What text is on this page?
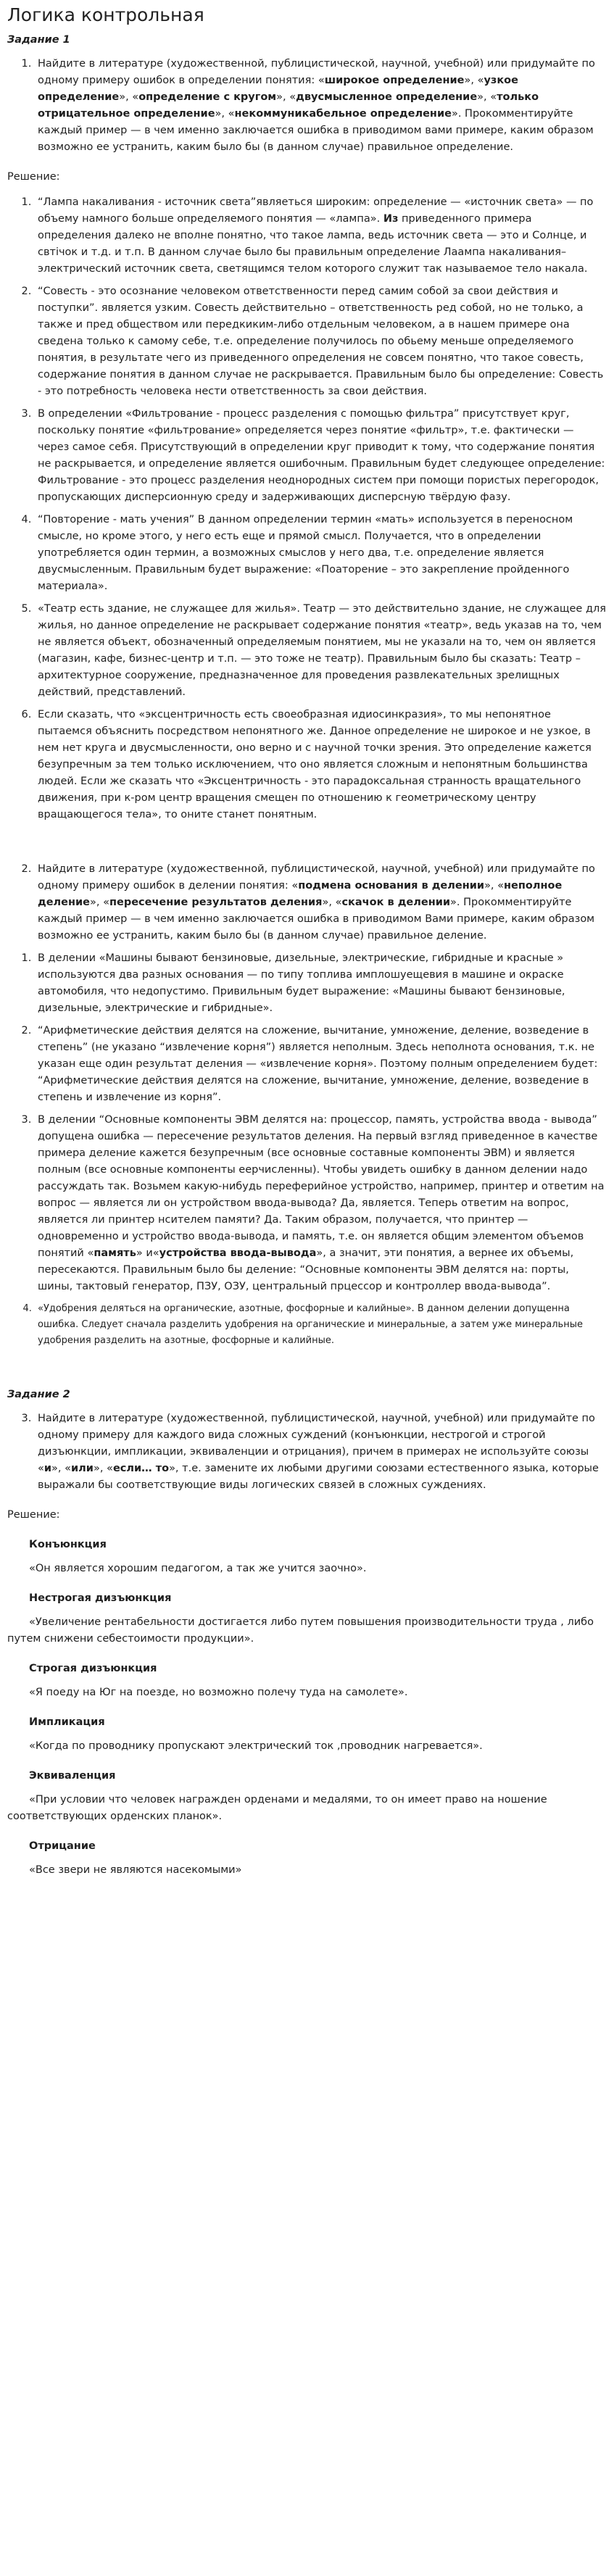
Логика контрольная
Задание 1
1. Найдите в литературе (художественной, публицистической, научной, учебной) или придумайте по одному примеру ошибок в определении понятия: «широкое определение», «узкое определение», «определение с кругом», «двусмысленное определение», «только отрицательное определение», «некоммуникабельное определение». Прокомментируйте каждый пример — в чем именно заключается ошибка в приводимом вами примере, каким образом возможно ее устранить, каким было бы (в данном случае) правильное определение.

Решение:

1. “Лампа накаливания - источник света”являеться широким: определение — «источник света» — по объему намного больше определяемого понятия — «лампа». Из приведенного примера определения далеко не вполне понятно, что такое лампа, ведь источник света — это и Солнце, и свтічок и т.д. и т.п. В данном случае было бы правильным определение Лаампа накаливания–электрический источник света, светящимся телом которого служит так называемое тело накала.
2. “Совесть - это осознание человеком ответственности перед самим собой за свои действия и поступки”. является узким. Совесть действительно – ответственность ред собой, но не только, а также и пред обществом или передкиким-либо отдельным человеком, а в нашем примере она сведена только к самому себе, т.е. определение получилось по обьему меньше определяемого понятия, в результате чего из приведенного определения не совсем понятно, что такое совесть, содержание понятия в данном случае не раскрывается. Правильным было бы определение: Совесть - это потребность человека нести ответственность за свои действия.
3. В определении «Фильтрование - процесс разделения с помощью фильтра” присутствует круг, поскольку понятие «фильтрование» определяется через понятие «фильтр», т.е. фактически — через самое себя. Присутствующий в определении круг приводит к тому, что содержание понятия не раскрывается, и определение является ошибочным. Правильным будет следующее определение: Фильтрование - это процесс разделения неоднородных систем при помощи пористых перегородок, пропускающих дисперсионную среду и задерживающих дисперсную твёрдую фазу.
4. “Повторение - мать учения” В данном определении термин «мать» используется в переносном смысле, но кроме этого, у него есть еще и прямой смысл. Получается, что в определении употребляется один термин, а возможных смыслов у него два, т.е. определение является двусмысленным. Правильным будет выражение: «Поаторение – это закрепление пройденного материала».
5. «Театр есть здание, не служащее для жилья». Театр — это действительно здание, не служащее для жилья, но данное определение не раскрывает содержание понятия «театр», ведь указав на то, чем не является объект, обозначенный определяемым понятием, мы не указали на то, чем он является (магазин, кафе, бизнес-центр и т.п. — это тоже не театр). Правильным было бы сказать: Театр – архитектурное сооружение, предназначенное для проведения развлекательных зрелищных действий, представлений.
6. Если сказать, что «эксцентричность есть своеобразная идиосинкразия», то мы непонятное пытаемся объяснить посредством непонятного же. Данное определение не широкое и не узкое, в нем нет круга и двусмысленности, оно верно и с научной точки зрения. Это определение кажется безупречным за тем только исключением, что оно является сложным и непонятным большинства людей. Если же сказать что «Эксцентричность - это парадоксальная странность вращательного движения, при к-ром центр вращения смещен по отношению к геометрическому центру вращающегося тела», то оните станет понятным.
2. Найдите в литературе (художественной, публицистической, научной, учебной) или придумайте по одному примеру ошибок в делении понятия: «подмена основания в делении», «неполное деление», «пересечение результатов деления», «скачок в делении». Прокомментируйте каждый пример — в чем именно заключается ошибка в приводимом Вами примере, каким образом возможно ее устранить, каким было бы (в данном случае) правильное деление.
1. В делении «Машины бывают бензиновые, дизельные, электрические, гибридные и красные » используются два разных основания — по типу топлива имплошуещевия в машине и окраске автомобиля, что недопустимо. Привильным будет выражение: «Машины бывают бензиновые, дизельные, электрические и гибридные».
2. “Арифметические действия делятся на сложение, вычитание, умножение, деление, возведение в степень” (не указано “извлечение корня”) является неполным. Здесь неполнота основания, т.к. не указан еще один результат деления — «извлечение корня». Поэтому полным определением будет: “Арифметические действия делятся на сложение, вычитание, умножение, деление, возведение в степень и извлечение из корня”.
3. В делении “Основные компоненты ЭВМ делятся на: процессор, память, устройства ввода - вывода” допущена ошибка — пересечение результатов деления. На первый взгляд приведенное в качестве примера деление кажется безупречным (все основные составные компоненты ЭВМ) и является полным (все основные компоненты еерчисленны). Чтобы увидеть ошибку в данном делении надо рассуждать так. Возьмем какую-нибудь переферийное устройство, например, принтер и ответим на вопрос — является ли он устройством ввода-вывода? Да, является. Теперь ответим на вопрос, является ли принтер нсителем памяти? Да. Таким образом, получается, что принтер — одновременно и устройство ввода-вывода, и память, т.е. он является общим элементом объемов понятий «память» и«устройства ввода-вывода», а значит, эти понятия, а вернее их объемы, пересекаются. Правильным было бы деление: “Основные компоненты ЭВМ делятся на: порты, шины, тактовый генератор, ПЗУ, ОЗУ, центральный прцессор и контроллер ввода-вывода”.
4. «Удобрения деляться на органические, азотные, фосфорные и калийные». В данном делении допущенна ошибка. Следует сначала разделить удобрения на органические и минеральные, а затем уже минеральные удобрения разделить на азотные, фосфорные и калийные.
Задание 2
3. Найдите в литературе (художественной, публицистической, научной, учебной) или придумайте по одному примеру для каждого вида сложных суждений (конъюнкции, нестрогой и строгой дизъюнкции, импликации, эквиваленции и отрицания), причем в примерах не используйте союзы «и», «или», «если… то», т.е. замените их любыми другими союзами естественного языка, которые выражали бы соответствующие виды логических связей в сложных суждениях.

Решение:

Конъюнкция

«Он является хорошим педагогом, а так же учится заочно».

Нестрогая дизъюнкция

«Увеличение рентабельности достигается либо путем повышения производительности труда , либо путем снижени себестоимости продукции».

Строгая дизъюнкция

«Я поеду на Юг на поезде, но возможно полечу туда на самолете».

Импликация

«Когда по проводнику пропускают электрический ток ,проводник нагревается».

Эквиваленция

«При условии что человек награжден орденами и медалями, то он имеет право на ношение соответствующих орденских планок».

Отрицание

«Все звери не являются насекомыми»
